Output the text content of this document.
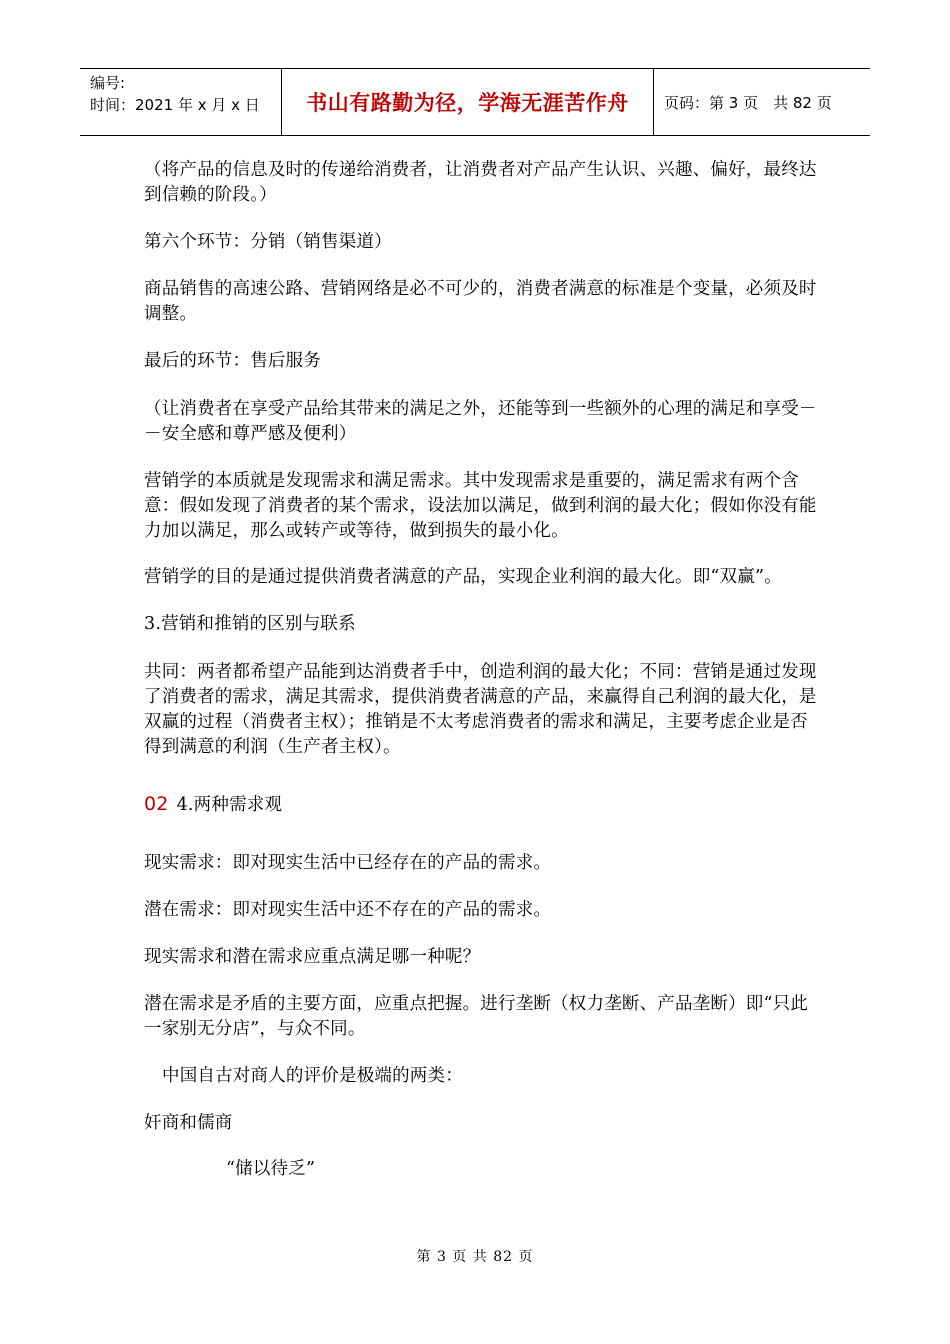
编号:
时间：2021 年 x 月 x 日	书山有路勤为径，学海无涯苦作舟	页码：第 3 页　共 82 页

（将产品的信息及时的传递给消费者，让消费者对产品产生认识、兴趣、偏好，最终达到信赖的阶段。）

第六个环节：分销（销售渠道）

商品销售的高速公路、营销网络是必不可少的，消费者满意的标准是个变量，必须及时调整。

最后的环节：售后服务

（让消费者在享受产品给其带来的满足之外，还能等到一些额外的心理的满足和享受－－安全感和尊严感及便利）

营销学的本质就是发现需求和满足需求。其中发现需求是重要的，满足需求有两个含意：假如发现了消费者的某个需求，设法加以满足，做到利润的最大化；假如你没有能力加以满足，那么或转产或等待，做到损失的最小化。

营销学的目的是通过提供消费者满意的产品，实现企业利润的最大化。即“双赢”。

3.营销和推销的区别与联系

共同：两者都希望产品能到达消费者手中，创造利润的最大化；不同：营销是通过发现了消费者的需求，满足其需求，提供消费者满意的产品，来赢得自己利润的最大化，是双赢的过程（消费者主权）；推销是不太考虑消费者的需求和满足，主要考虑企业是否得到满意的利润（生产者主权）。

02 4.两种需求观

现实需求：即对现实生活中已经存在的产品的需求。

潜在需求：即对现实生活中还不存在的产品的需求。

现实需求和潜在需求应重点满足哪一种呢？

潜在需求是矛盾的主要方面，应重点把握。进行垄断（权力垄断、产品垄断）即“只此一家别无分店”，与众不同。

中国自古对商人的评价是极端的两类：

奸商和儒商

“储以待乏”

第 3 页 共 82 页
